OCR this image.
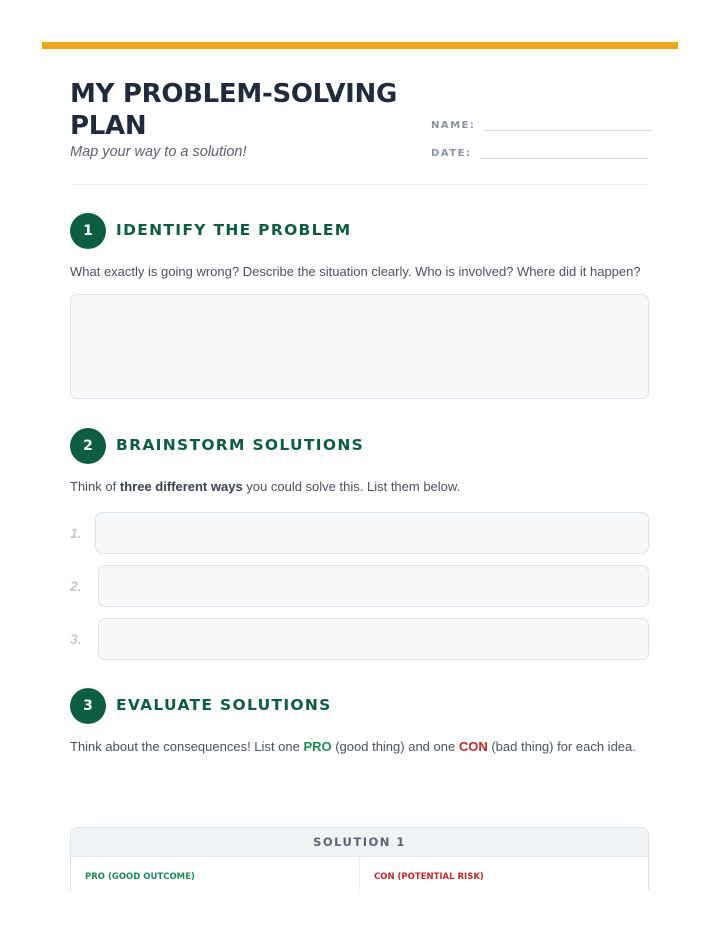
MY PROBLEM-SOLVING PLAN
Map your way to a solution!
NAME:
DATE:
1	IDENTIFY THE PROBLEM
What exactly is going wrong? Describe the situation clearly. Who is involved? Where did it happen?
2	BRAINSTORM SOLUTIONS
Think of three different ways you could solve this. List them below.
1.
2.
3.
3	EVALUATE SOLUTIONS
Think about the consequences! List one PRO (good thing) and one CON (bad thing) for each idea.
SOLUTION 1
PRO (GOOD OUTCOME)	CON (POTENTIAL RISK)
